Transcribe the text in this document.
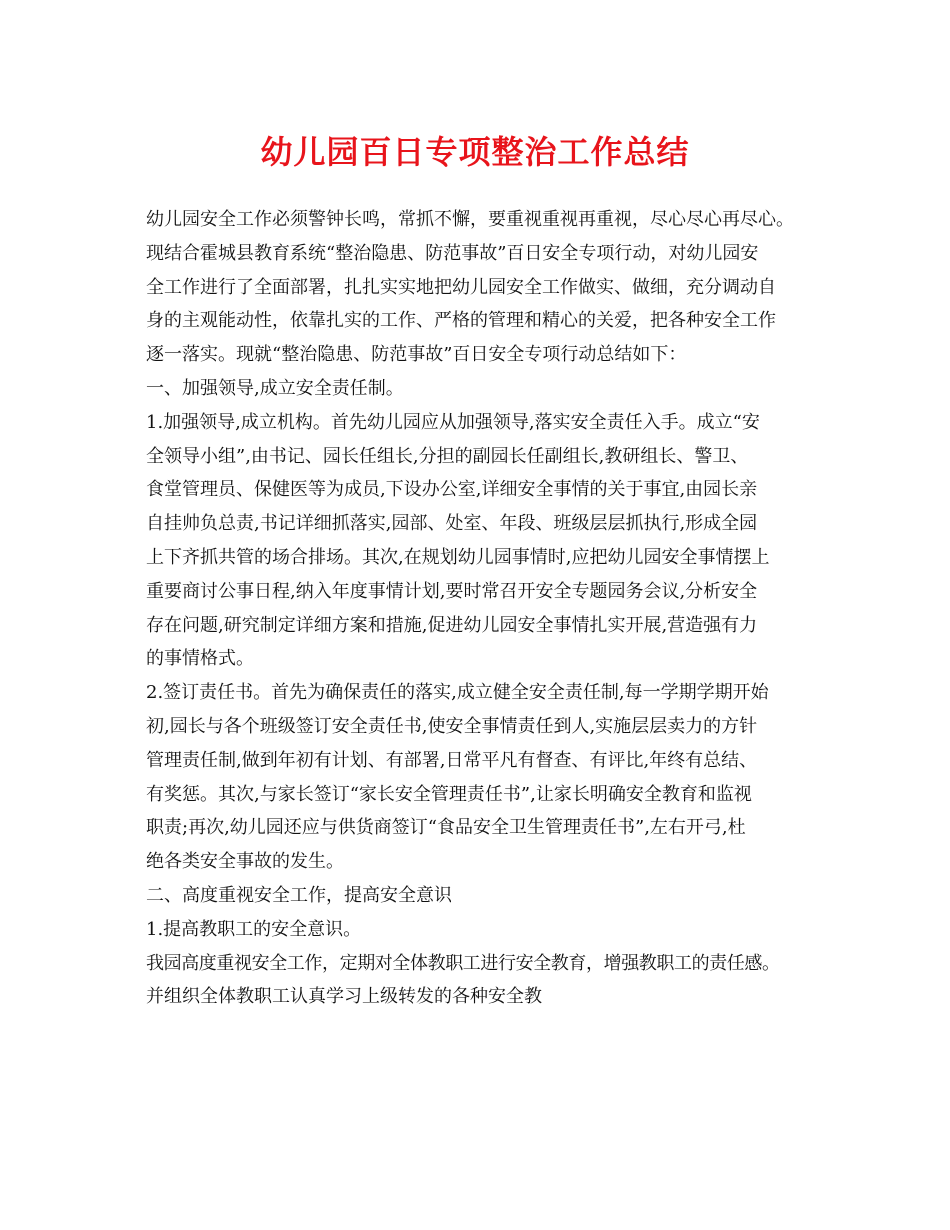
幼儿园百日专项整治工作总结

幼儿园安全工作必须警钟长鸣，常抓不懈，要重视重视再重视，尽心尽心再尽心。

现结合霍城县教育系统“整治隐患、防范事故”百日安全专项行动，对幼儿园安

全工作进行了全面部署，扎扎实实地把幼儿园安全工作做实、做细，充分调动自

身的主观能动性，依靠扎实的工作、严格的管理和精心的关爱，把各种安全工作

逐一落实。现就“整治隐患、防范事故”百日安全专项行动总结如下：

一、加强领导,成立安全责任制。

1.加强领导,成立机构。首先幼儿园应从加强领导,落实安全责任入手。成立“安

全领导小组”,由书记、园长任组长,分担的副园长任副组长,教研组长、警卫、

食堂管理员、保健医等为成员,下设办公室,详细安全事情的关于事宜,由园长亲

自挂帅负总责,书记详细抓落实,园部、处室、年段、班级层层抓执行,形成全园

上下齐抓共管的场合排场。其次,在规划幼儿园事情时,应把幼儿园安全事情摆上

重要商讨公事日程,纳入年度事情计划,要时常召开安全专题园务会议,分析安全

存在问题,研究制定详细方案和措施,促进幼儿园安全事情扎实开展,营造强有力

的事情格式。

2.签订责任书。首先为确保责任的落实,成立健全安全责任制,每一学期学期开始

初,园长与各个班级签订安全责任书,使安全事情责任到人,实施层层卖力的方针

管理责任制,做到年初有计划、有部署,日常平凡有督查、有评比,年终有总结、

有奖惩。其次,与家长签订“家长安全管理责任书”,让家长明确安全教育和监视

职责;再次,幼儿园还应与供货商签订“食品安全卫生管理责任书”,左右开弓,杜

绝各类安全事故的发生。

二、高度重视安全工作，提高安全意识

1.提高教职工的安全意识。

我园高度重视安全工作，定期对全体教职工进行安全教育，增强教职工的责任感。

并组织全体教职工认真学习上级转发的各种安全教
